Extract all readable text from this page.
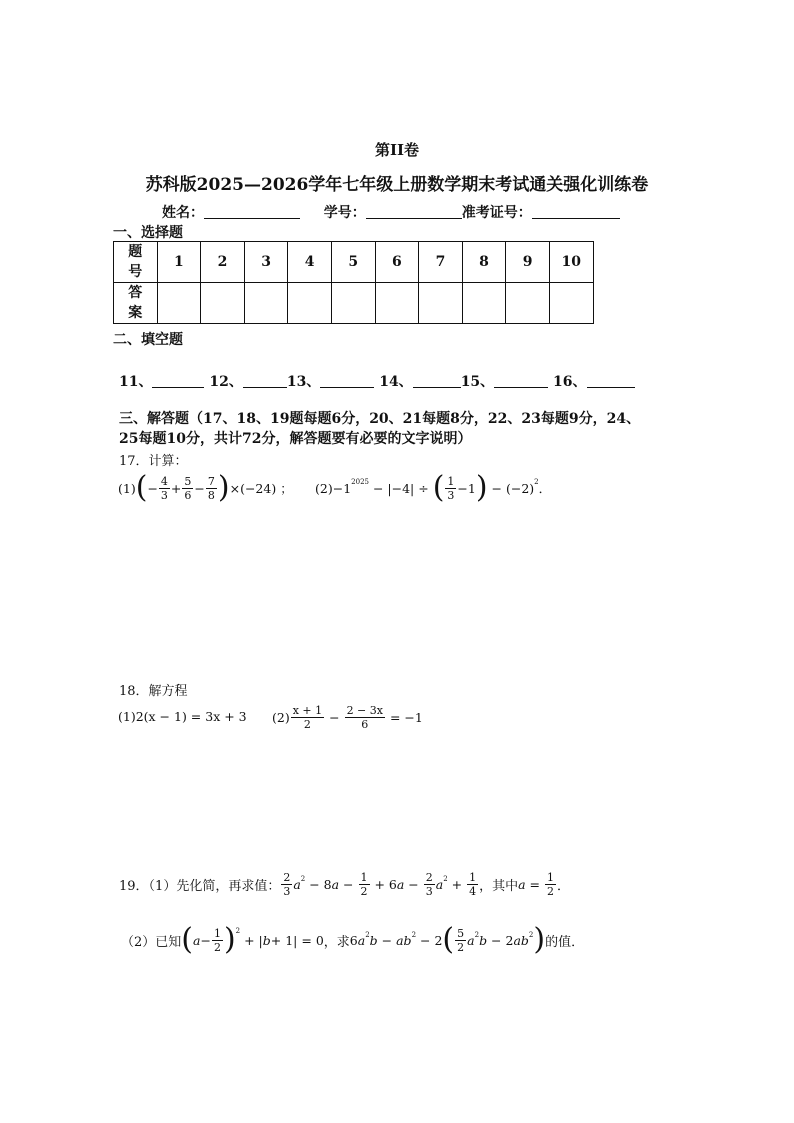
第II卷
苏科版2025—2026学年七年级上册数学期末考试通关强化训练卷
姓名：	学号：	准考证号：
一、选择题
题
号	1	2	3	4	5	6	7	8	9	10
答
案										
二、填空题
11、	12、	13、	14、	15、	16、
三、解答题（17、18、19题每题6分，20、21每题8分，22、23每题9分，24、
25每题10分，共计72分，解答题要有必要的文字说明）
17．计算：
(1) ( − $\frac{4}{3} + \frac{5}{6} - \frac{7}{8}$ ) ×(−24) ； $(2) -1^{2025} - |-4|$ ÷ ( $\frac{1}{3} -1$ ) − $(-2)^2$ ．
18．解方程
(1)2(x − 1) = 3x + 3 $(2) \frac{x + 1}{2} - \frac{2 - 3x}{6} = -1$
19．（1）先化简，再求值： $\frac{2}{3} a^2 - 8$ $a - \frac{1}{2} + 6$ $a - \frac{2}{3} a^2 + \frac{1}{4}$ ，其中 $a = \frac{1}{2}$ ．
（2）已知 ( $a - \frac{1}{2} )^2$
+ | b + 1| = 0 ，求 6 $a^2$ $b - ab^2 - 2$ ( $\frac{5}{2} a^2$ b − 2 $ab^2$ ) 的值．
